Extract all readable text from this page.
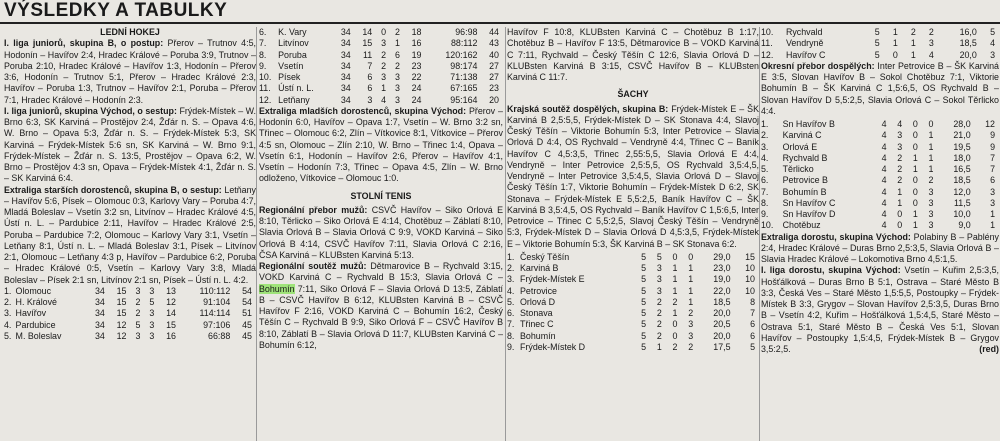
VÝSLEDKY A TABULKY

LEDNÍ HOKEJ

I. liga juniorů, skupina B, o postup: Přerov – Trutnov 4:5, Hodonín – Havířov 2:4, Hradec Králové – Poruba 3:9, Trutnov – Poruba 2:10, Hradec Králové – Havířov 1:3, Hodonín – Přerov 3:6, Hodonín – Trutnov 5:1, Přerov – Hradec Králové 2:3, Havířov – Poruba 1:3, Trutnov – Havířov 2:1, Poruba – Přerov 7:1, Hradec Králové – Hodonín 2:3.

I. liga juniorů, skupina Východ, o sestup: Frýdek-Místek – W. Brno 6:3, SK Karviná – Prostějov 2:4, Žďár n. S. – Opava 4:6, W. Brno – Opava 5:3, Žďár n. S. – Frýdek-Místek 5:3, SK Karviná – Frýdek-Místek 5:6 sn, SK Karviná – W. Brno 9:1, Frýdek-Místek – Žďár n. S. 13:5, Prostějov – Opava 6:2, W. Brno – Prostějov 4:3 sn, Opava – Frýdek-Místek 4:1, Žďár n. S. – SK Karviná 6:4.

Extraliga starších dorostenců, skupina B, o sestup: Letňany – Havířov 5:6, Písek – Olomouc 0:3, Karlovy Vary – Poruba 4:7, Mladá Boleslav – Vsetín 3:2 sn, Litvínov – Hradec Králové 4:5, Ústí n. L. – Pardubice 2:11, Havířov – Hradec Králové 2:5, Poruba – Pardubice 7:2, Olomouc – Karlovy Vary 3:1, Vsetín – Letňany 8:1, Ústí n. L. – Mladá Boleslav 3:1, Písek – Litvínov 2:1, Olomouc – Letňany 4:3 p, Havířov – Pardubice 6:2, Poruba – Hradec Králové 0:5, Vsetín – Karlovy Vary 3:8, Mladá Boleslav – Písek 2:1 sn, Litvínov 2:1 sn, Písek – Ústí n. L. 4:2.

1.	Olomouc	34	15	3	3	13	110:112	54
2.	H. Králové	34	15	2	5	12	91:104	54
3.	Havířov	34	15	2	3	14	114:114	51
4.	Pardubice	34	12	5	3	15	97:106	45
5.	M. Boleslav	34	12	3	3	16	66:88	45
6.	K. Vary	34	14	0	2	18	96:98	44
7.	Litvínov	34	15	3	1	16	88:112	43
8.	Poruba	34	11	2	6	19	120:162	40
9.	Vsetín	34	7	2	2	23	98:174	27
10.	Písek	34	6	3	3	22	71:138	27
11.	Ústí n. L.	34	6	1	3	24	67:165	23
12.	Letňany	34	3	4	3	24	95:164	20

Extraliga mladších dorostenců, skupina Východ: Přerov – Hodonín 6:0, Havířov – Opava 1:7, Vsetín – W. Brno 3:2 sn, Třinec – Olomouc 6:2, Zlín – Vítkovice 8:1, Vítkovice – Přerov 4:5 sn, Olomouc – Zlín 2:10, W. Brno – Třinec 1:4, Opava – Vsetín 6:1, Hodonín – Havířov 2:6, Přerov – Havířov 4:1, Vsetín – Hodonín 7:3, Třinec – Opava 4:5, Zlín – W. Brno odloženo, Vítkovice – Olomouc 1:0.

STOLNÍ TENIS

Regionální přebor mužů: CSVČ Havířov – Siko Orlová E 8:10, Těrlicko – Siko Orlová E 4:14, Chotěbuz – Záblatí 8:10, Slavia Orlová B – Slavia Orlová C 9:9, VOKD Karviná – Siko Orlová B 4:14, CSVČ Havířov 7:11, Slavia Orlová C 2:16, ČSA Karviná – KLUBsten Karviná 5:13.

Regionální soutěž mužů: Dětmarovice B – Rychvald 3:15, VOKD Karviná C – Rychvald B 15:3, Slavia Orlová C – Bohumín 7:11, Siko Orlová F – Slavia Orlová D 13:5, Záblatí B – CSVČ Havířov B 6:12, KLUBsten Karviná B – CSVČ Havířov F 2:16, VOKD Karviná C – Bohumín 16:2, Český Těšín C – Rychvald B 9:9, Siko Orlová F – CSVČ Havířov B 8:10, Záblatí B – Slavia Orlová D 11:7, KLUBsten Karviná C – Bohumín 6:12,

Havířov F 10:8, KLUBsten Karviná C – Chotěbuz B 1:17, Chotěbuz B – Havířov F 13:5, Dětmarovice B – VOKD Karviná C 7:11, Rychvald – Český Těšín C 12:6, Slavia Orlová D – KLUBsten Karviná B 3:15, CSVČ Havířov B – KLUBsten Karviná C 11:7.

ŠACHY

Krajská soutěž dospělých, skupina B: Frýdek-Místek E – ŠK Karviná B 2,5:5,5, Frýdek-Místek D – SK Stonava 4:4, Slavoj Český Těšín – Viktorie Bohumín 5:3, Inter Petrovice – Slavia Orlová D 4:4, OS Rychvald – Vendryně 4:4, Třinec C – Baník Havířov C 4,5:3,5, Třinec 2,55:5,5, Slavia Orlová E 4:4, Vendryně – Inter Petrovice 2,5:5,5, OS Rychvald 3,5:4,5, Vendryně – Inter Petrovice 3,5:4,5, Slavia Orlová D – Slavoj Český Těšín 1:7, Viktorie Bohumín – Frýdek-Místek D 6:2, SK Stonava – Frýdek-Místek E 5,5:2,5, Baník Havířov C – ŠK Karviná B 3,5:4,5, OS Rychvald – Baník Havířov C 1,5:6,5, Inter Petrovice – Třinec C 5,5:2,5, Slavoj Český Těšín – Vendryně 5:3, Frýdek-Místek D – Slavia Orlová D 4,5:3,5, Frýdek-Místek E – Viktorie Bohumín 5:3, ŠK Karviná B – SK Stonava 6:2.

1.	Český Těšín	5	5	0	0	29,0	15
2.	Karviná B	5	3	1	1	23,0	10
3.	Frýdek-Místek E	5	3	1	1	19,0	10
4.	Petrovice	5	3	1	1	22,0	10
5.	Orlová D	5	2	2	1	18,5	8
6.	Stonava	5	2	1	2	20,0	7
7.	Třinec C	5	2	0	3	20,5	6
8.	Bohumín	5	2	0	3	20,0	6
9.	Frýdek-Místek D	5	1	2	2	17,5	5
10.	Rychvald	5	1	2	2	16,0	5
11.	Vendryně	5	1	1	3	18,5	4
12.	Havířov C	5	0	1	4	20,0	3

Okresní přebor dospělých: Inter Petrovice B – ŠK Karviná E 3:5, Slovan Havířov B – Sokol Chotěbuz 7:1, Viktorie Bohumín B – ŠK Karviná C 1,5:6,5, OS Rychvald B – Slovan Havířov D 5,5:2,5, Slavia Orlová C – Sokol Těrlicko 4:4.

1.	Sn Havířov B	4	4	0	0	28,0	12
2.	Karviná C	4	3	0	1	21,0	9
3.	Orlová E	4	3	0	1	19,5	9
4.	Rychvald B	4	2	1	1	18,0	7
5.	Těrlicko	4	2	1	1	16,5	7
6.	Petrovice B	4	2	0	2	18,5	6
7.	Bohumín B	4	1	0	3	12,0	3
8.	Sn Havířov C	4	1	0	3	11,5	3
9.	Sn Havířov D	4	0	1	3	10,0	1
10.	Chotěbuz	4	0	1	3	9,0	1

Extraliga dorostu, skupina Východ: Polabiny B – Pablény 2:4, Hradec Králové – Duras Brno 2,5:3,5, Slavia Orlová B – Slavia Hradec Králové – Lokomotiva Brno 4,5:1,5.

I. liga dorostu, skupina Východ: Vsetín – Kuřim 2,5:3,5, Hošťálková – Duras Brno B 5:1, Ostrava – Staré Město B 3:3, Česká Ves – Staré Město 1,5:5,5, Postoupky – Frýdek-Místek B 3:3, Grygov – Slovan Havířov 2,5:3,5, Duras Brno B – Vsetín 4:2, Kuřim – Hošťálková 1,5:4,5, Staré Město – Ostrava 5:1, Staré Město B – Česká Ves 5:1, Slovan Havířov – Postoupky 1,5:4,5, Frýdek-Místek B – Grygov 3,5:2,5.	(red)
